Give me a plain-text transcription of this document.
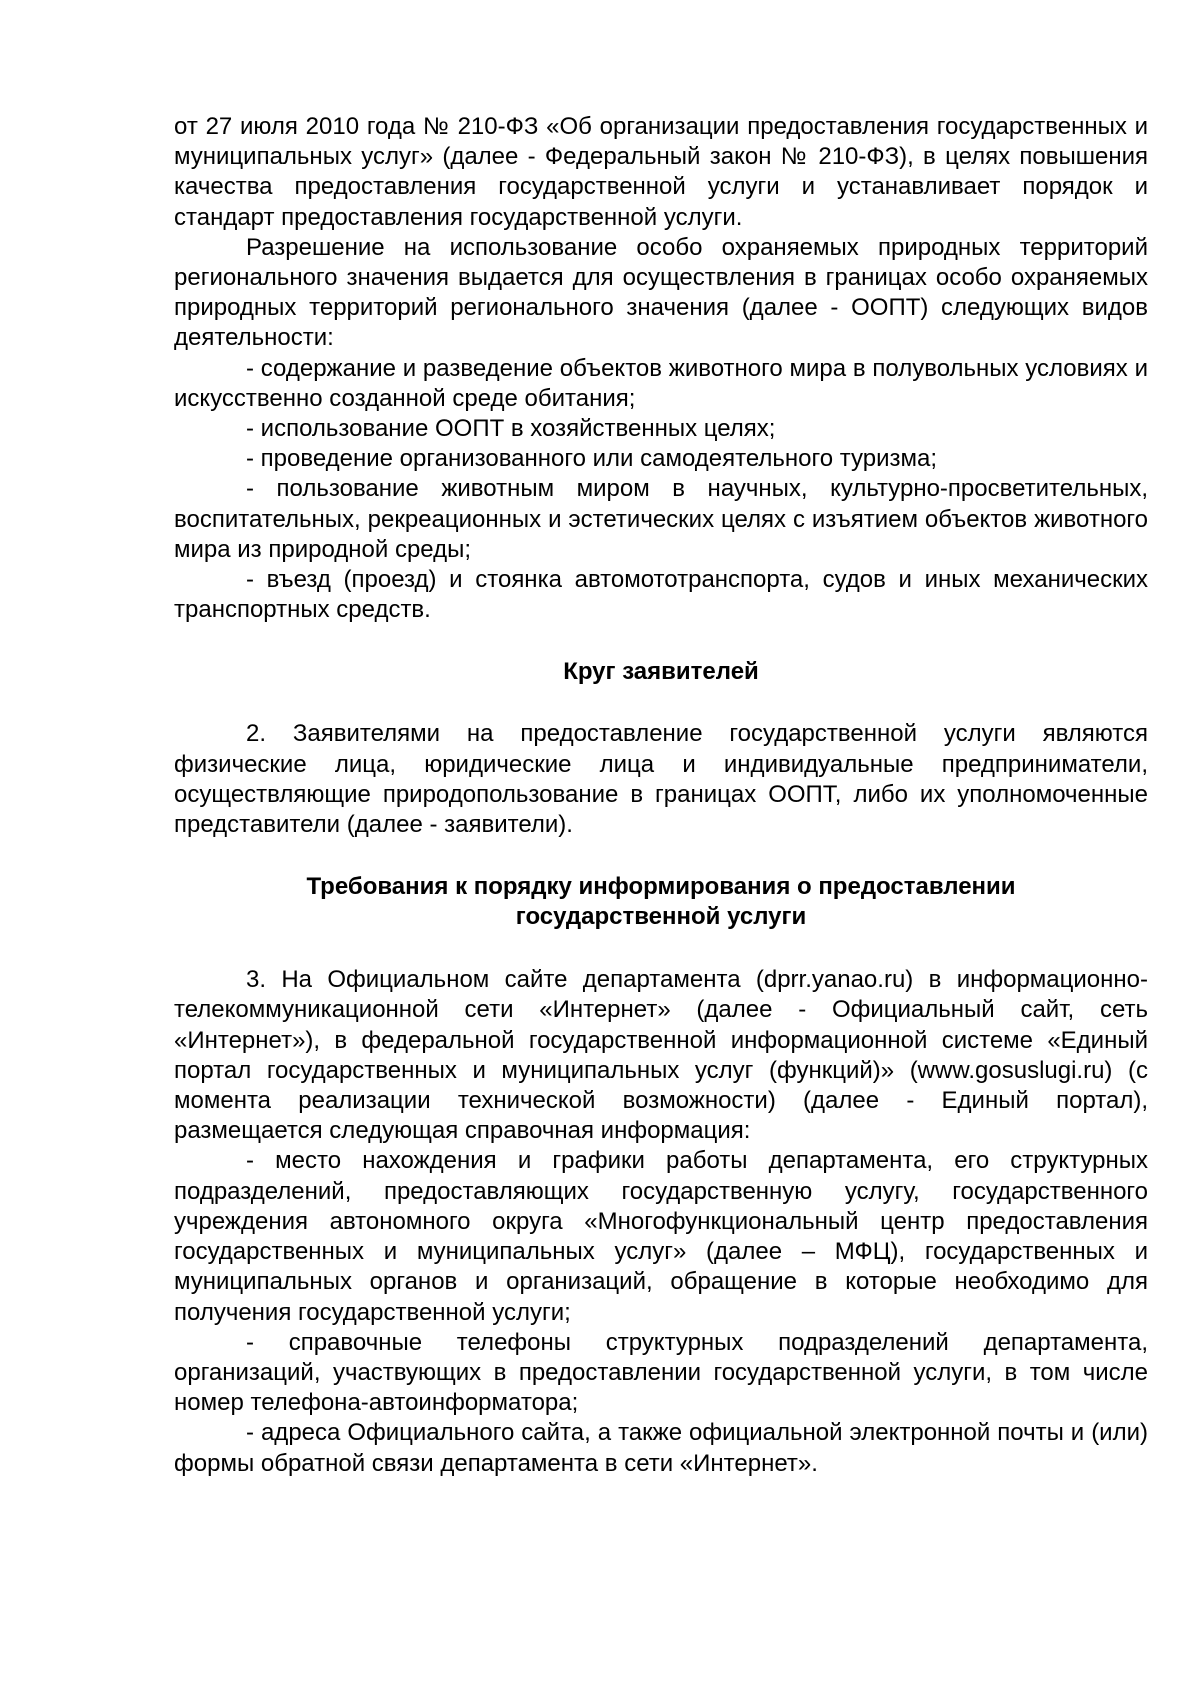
от 27 июля 2010 года № 210-ФЗ «Об организации предоставления государственных и муниципальных услуг» (далее - Федеральный закон № 210-ФЗ), в целях повышения качества предоставления государственной услуги и устанавливает порядок и стандарт предоставления государственной услуги.

Разрешение на использование особо охраняемых природных территорий регионального значения выдается для осуществления в границах особо охраняемых природных территорий регионального значения (далее - ООПТ) следующих видов деятельности:

- содержание и разведение объектов животного мира в полувольных условиях и искусственно созданной среде обитания;

- использование ООПТ в хозяйственных целях;

- проведение организованного или самодеятельного туризма;

- пользование животным миром в научных, культурно-просветительных, воспитательных, рекреационных и эстетических целях с изъятием объектов животного мира из природной среды;

- въезд (проезд) и стоянка автомототранспорта, судов и иных механических транспортных средств.

Круг заявителей

2. Заявителями на предоставление государственной услуги являются физические лица, юридические лица и индивидуальные предприниматели, осуществляющие природопользование в границах ООПТ, либо их уполномоченные представители (далее - заявители).

Требования к порядку информирования о предоставлении

государственной услуги

3. На Официальном сайте департамента (dprr.yanao.ru) в информационно-телекоммуникационной сети «Интернет» (далее - Официальный сайт, сеть «Интернет»), в федеральной государственной информационной системе «Единый портал государственных и муниципальных услуг (функций)» (www.gosuslugi.ru) (с момента реализации технической возможности) (далее - Единый портал), размещается следующая справочная информация:

- место нахождения и графики работы департамента, его структурных подразделений, предоставляющих государственную услугу, государственного учреждения автономного округа «Многофункциональный центр предоставления государственных и муниципальных услуг» (далее – МФЦ), государственных и муниципальных органов и организаций, обращение в которые необходимо для получения государственной услуги;

- справочные телефоны структурных подразделений департамента, организаций, участвующих в предоставлении государственной услуги, в том числе номер телефона-автоинформатора;

- адреса Официального сайта, а также официальной электронной почты и (или) формы обратной связи департамента в сети «Интернет».
